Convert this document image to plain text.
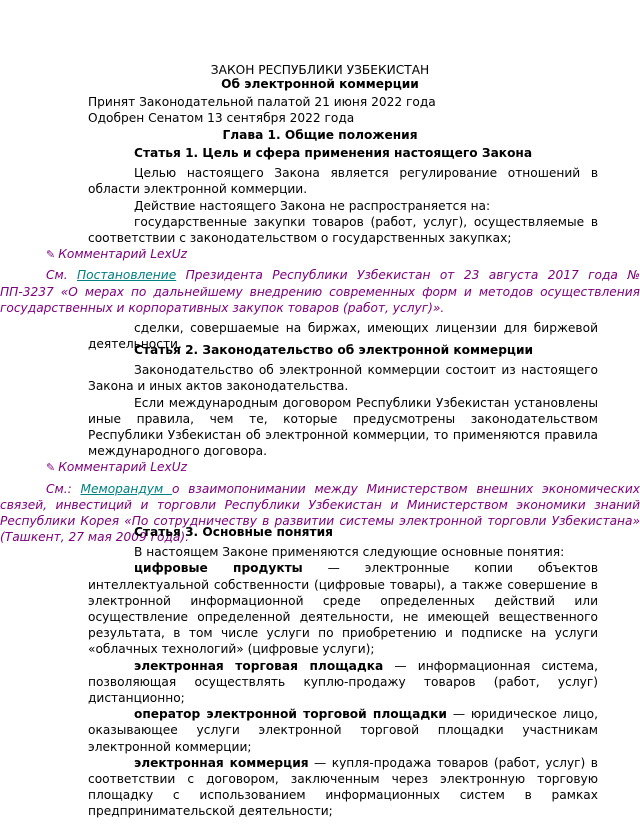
ЗАКОН РЕСПУБЛИКИ УЗБЕКИСТАН
Об электронной коммерции

Принят Законодательной палатой 21 июня 2022 года

Одобрен Сенатом 13 сентября 2022 года

Глава 1. Общие положения

Статья 1. Цель и сфера применения настоящего Закона

Целью настоящего Закона является регулирование отношений в области электронной коммерции.

Действие настоящего Закона не распространяется на:

государственные закупки товаров (работ, услуг), осуществляемые в соответствии с законодательством о государственных закупках;

✎ Комментарий LexUz

См. Постановление Президента Республики Узбекистан от 23 августа 2017 года № ПП-3237 «О мерах по дальнейшему внедрению современных форм и методов осуществления государственных и корпоративных закупок товаров (работ, услуг)».

сделки, совершаемые на биржах, имеющих лицензии для биржевой деятельности.

Статья 2. Законодательство об электронной коммерции

Законодательство об электронной коммерции состоит из настоящего Закона и иных актов законодательства.

Если международным договором Республики Узбекистан установлены иные правила, чем те, которые предусмотрены законодательством Республики Узбекистан об электронной коммерции, то применяются правила международного договора.

✎ Комментарий LexUz

См.: Меморандум о взаимопонимании между Министерством внешних экономических связей, инвестиций и торговли Республики Узбекистан и Министерством экономики знаний Республики Корея «По сотрудничеству в развитии системы электронной торговли Узбекистана» (Ташкент, 27 мая 2009 года).

Статья 3. Основные понятия

В настоящем Законе применяются следующие основные понятия:

цифровые продукты — электронные копии объектов интеллектуальной собственности (цифровые товары), а также совершение в электронной информационной среде определенных действий или осуществление определенной деятельности, не имеющей вещественного результата, в том числе услуги по приобретению и подписке на услуги «облачных технологий» (цифровые услуги);

электронная торговая площадка — информационная система, позволяющая осуществлять куплю-продажу товаров (работ, услуг) дистанционно;

оператор электронной торговой площадки — юридическое лицо, оказывающее услуги электронной торговой площадки участникам электронной коммерции;

электронная коммерция — купля-продажа товаров (работ, услуг) в соответствии с договором, заключенным через электронную торговую площадку с использованием информационных систем в рамках предпринимательской деятельности;
